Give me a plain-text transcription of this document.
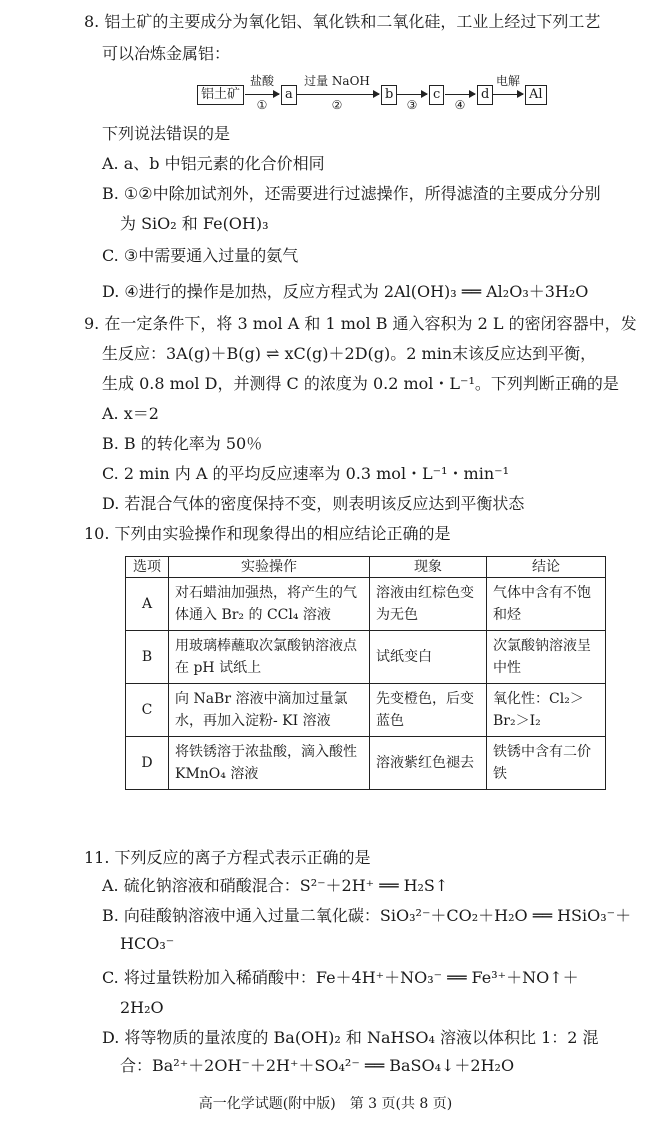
8. 铝土矿的主要成分为氧化铝、氧化铁和二氧化硅，工业上经过下列工艺
可以冶炼金属铝：
铝土矿
盐酸
①
a
过量 NaOH
②
b
③
c
④
d
电解
Al
下列说法错误的是
A. a、b 中铝元素的化合价相同
B. ①②中除加试剂外，还需要进行过滤操作，所得滤渣的主要成分分别
为 SiO₂ 和 Fe(OH)₃
C. ③中需要通入过量的氨气
D. ④进行的操作是加热，反应方程式为 2Al(OH)₃ ══ Al₂O₃＋3H₂O
9. 在一定条件下，将 3 mol A 和 1 mol B 通入容积为 2 L 的密闭容器中，发
生反应：3A(g)＋B(g) ⇌ xC(g)＋2D(g)。2 min末该反应达到平衡，
生成 0.8 mol D，并测得 C 的浓度为 0.2 mol・L⁻¹。下列判断正确的是
A. x＝2
B. B 的转化率为 50％
C. 2 min 内 A 的平均反应速率为 0.3 mol・L⁻¹・min⁻¹
D. 若混合气体的密度保持不变，则表明该反应达到平衡状态
10. 下列由实验操作和现象得出的相应结论正确的是
选项	实验操作	现象	结论
A	对石蜡油加强热，将产生的气体通入 Br₂ 的 CCl₄ 溶液	溶液由红棕色变为无色	气体中含有不饱和烃
B	用玻璃棒蘸取次氯酸钠溶液点在 pH 试纸上	试纸变白	次氯酸钠溶液呈中性
C	向 NaBr 溶液中滴加过量氯水，再加入淀粉- KI 溶液	先变橙色，后变蓝色	氧化性：Cl₂＞Br₂＞I₂
D	将铁锈溶于浓盐酸，滴入酸性 KMnO₄ 溶液	溶液紫红色褪去	铁锈中含有二价铁
11. 下列反应的离子方程式表示正确的是
A. 硫化钠溶液和硝酸混合：S²⁻＋2H⁺ ══ H₂S↑
B. 向硅酸钠溶液中通入过量二氧化碳：SiO₃²⁻＋CO₂＋H₂O ══ HSiO₃⁻＋
HCO₃⁻
C. 将过量铁粉加入稀硝酸中：Fe＋4H⁺＋NO₃⁻ ══ Fe³⁺＋NO↑＋
2H₂O
D. 将等物质的量浓度的 Ba(OH)₂ 和 NaHSO₄ 溶液以体积比 1：2 混
合：Ba²⁺＋2OH⁻＋2H⁺＋SO₄²⁻ ══ BaSO₄↓＋2H₂O
高一化学试题(附中版)　第 3 页(共 8 页)
